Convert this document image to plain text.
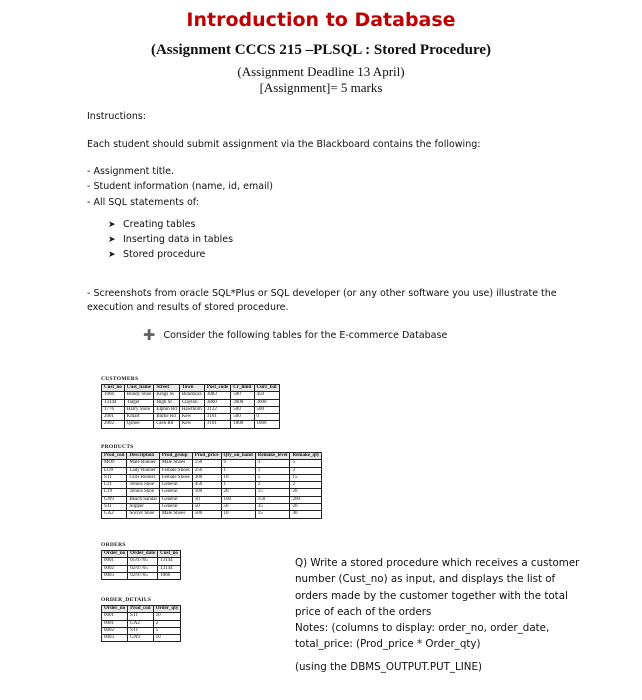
Introduction to Database
(Assignment CCCS 215 –PLSQL : Stored Procedure)
(Assignment Deadline 13 April)
[Assignment]= 5 marks
Instructions:
Each student should submit assignment via the Blackboard contains the following:
- Assignment title.
- Student information (name, id, email)
- All SQL statements of:
➤ Creating tables
➤ Inserting data in tables
➤ Stored procedure
- Screenshots from oracle SQL*Plus or SQL developer (or any other software you use) illustrate the
execution and results of stored procedure.
➕ Consider the following tables for the E-commerce Database
CUSTOMERS
Cust_no	Cust_name	Street	Town	Post_code	Cr_limit	Curr_bal
1066	Bundy Shoe	Kings St	Bundoora	3083	500	450
13144	Target	High St	Clayton	3800	3000	3000
1776	Harry Store	Elphin Rd	Hawthorn	3122	500	500
2001	Kmart	Burke Rd	Kew	3101	500	0
2002	Qshoe	Glen Rd	Kew	3101	1000	1000
PRODUCTS
Prod_cod	Description	Prod_group	Prod_price	Qty_on_hand	Remake_level	Remake_qty
MO9	Male Runner	Male Shoes	150	6	3	5
LO9	Lady Runner	Female Shoes	250	1	1	3
STI	Girls Runner	Female Shoes	300	10	5	15
LTI	Tennis Shoe	General	450	1	2	2
LT9	Tennis Shoe	General	100	20	15	20
GN9	Beach Sandal	General	10	100	150	200
STI	Slipper	General	50	50	35	20
GA2	Soccer Shoe	Male Shoes	500	10	15	40
ORDERS
Order_no	Order_date	Cust_no
0001	01/07/05	13144
0002	02/07/05	13144
0003	02/07/05	1066
ORDER_DETAILS
Order_no	Prod_cod	Order_qty
0001	STI	10
0001	GA2	2
0002	STI	5
0003	GN9	10
Q) Write a stored procedure which receives a customer
number (Cust_no) as input, and displays the list of
orders made by the customer together with the total
price of each of the orders
Notes: (columns to display: order_no, order_date,
total_price: (Prod_price * Order_qty)
(using the DBMS_OUTPUT.PUT_LINE)
